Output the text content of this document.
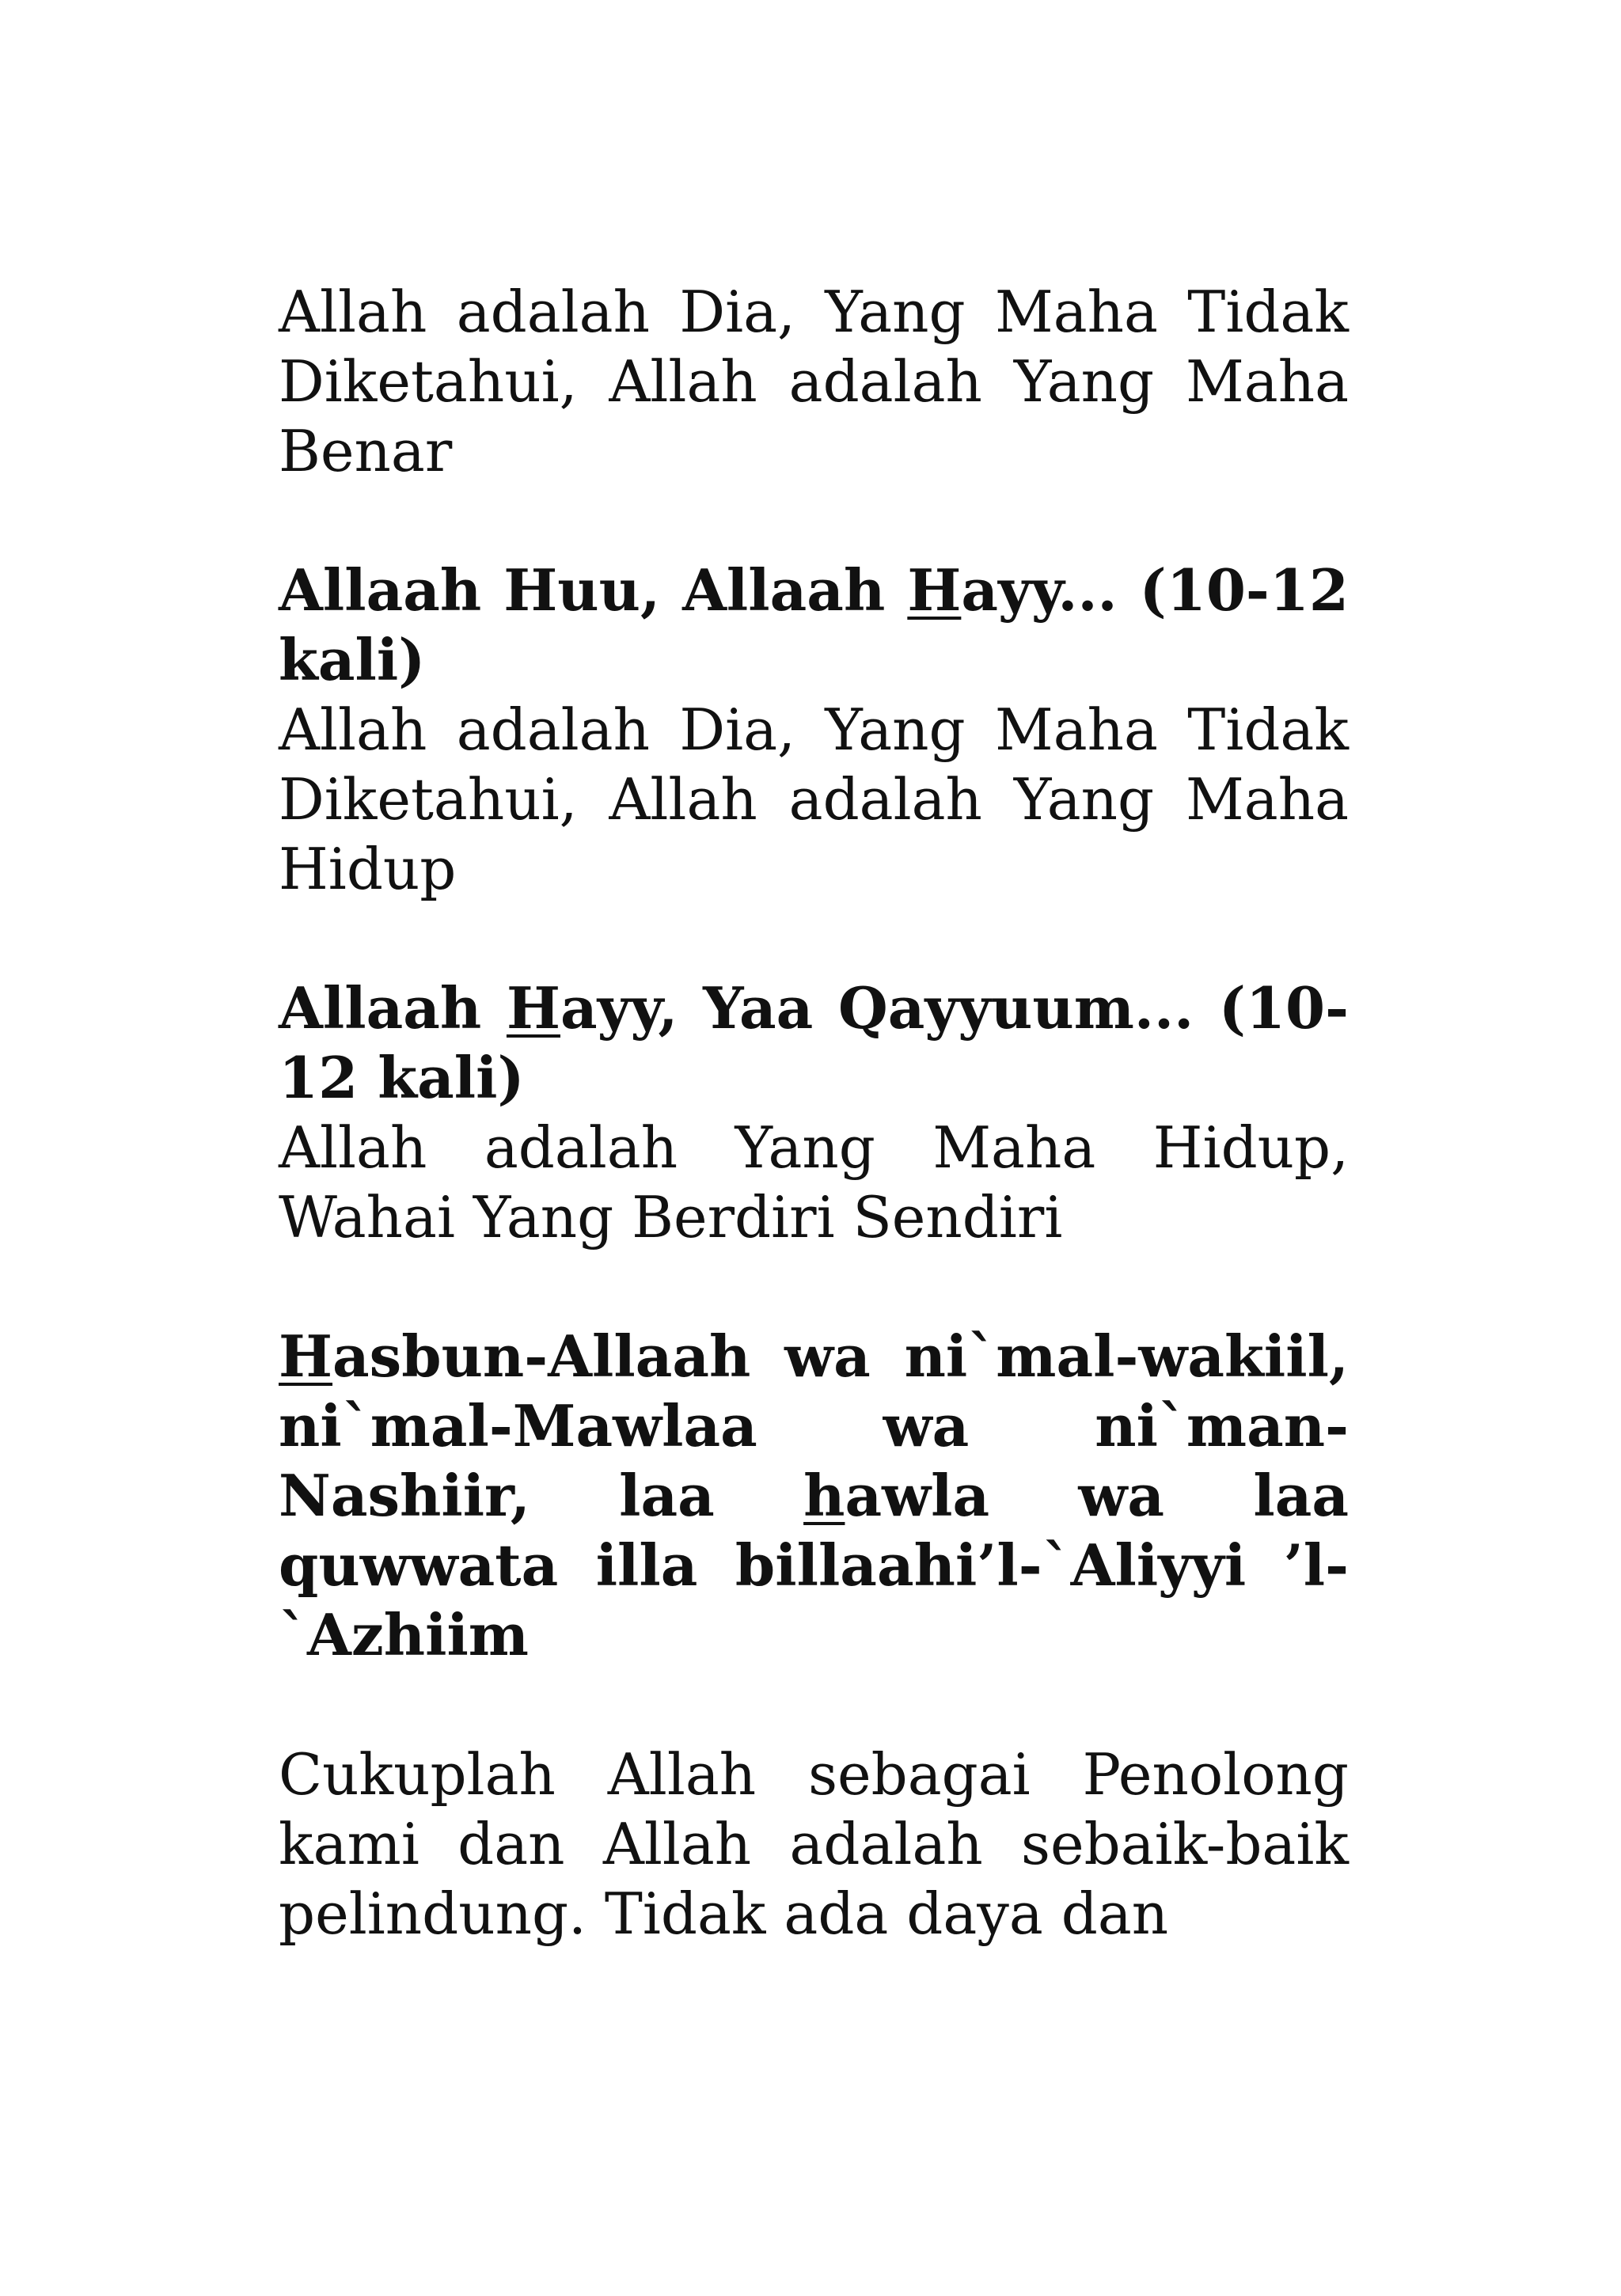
Allah adalah Dia, Yang Maha Tidak Diketahui, Allah adalah Yang Maha Benar

Allaah Huu, Allaah Hayy... (10-12 kali)

Allah adalah Dia, Yang Maha Tidak Diketahui, Allah adalah Yang Maha Hidup

Allaah Hayy, Yaa Qayyuum... (10-12 kali)

Allah adalah Yang Maha Hidup, Wahai Yang Berdiri Sendiri

Hasbun-Allaah wa ni`mal-wakiil, ni`mal-Mawlaa wa ni`man-Nashiir, laa hawla wa laa quwwata illa billaahi’l-`Aliyyi ’l-`Azhiim

Cukuplah Allah sebagai Penolong kami dan Allah adalah sebaik-baik pelindung. Tidak ada daya dan
